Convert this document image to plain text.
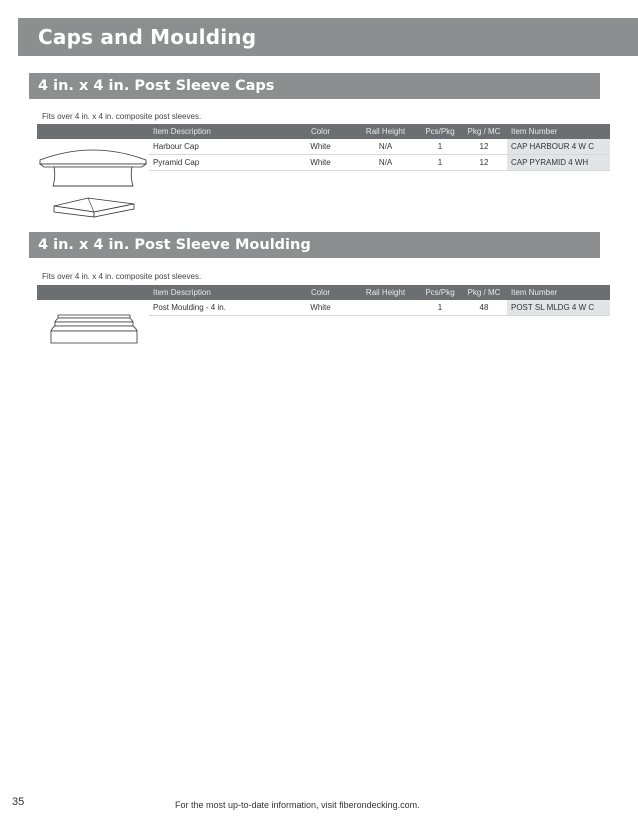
Caps and Moulding
4 in. x 4 in. Post Sleeve Caps
Fits over 4 in. x 4 in. composite post sleeves.
	Item Description	Color	Rail Height	Pcs/Pkg	Pkg / MC	Item Number
	Harbour Cap	White	N/A	1	12	CAP HARBOUR 4 W C
	Pyramid Cap	White	N/A	1	12	CAP PYRAMID 4 WH
4 in. x 4 in. Post Sleeve Moulding
Fits over 4 in. x 4 in. composite post sleeves.
	Item Description	Color	Rail Height	Pcs/Pkg	Pkg / MC	Item Number
	Post Moulding - 4 in.	White		1	48	POST SL MLDG 4 W C
35	For the most up-to-date information, visit fiberondecking.com.
